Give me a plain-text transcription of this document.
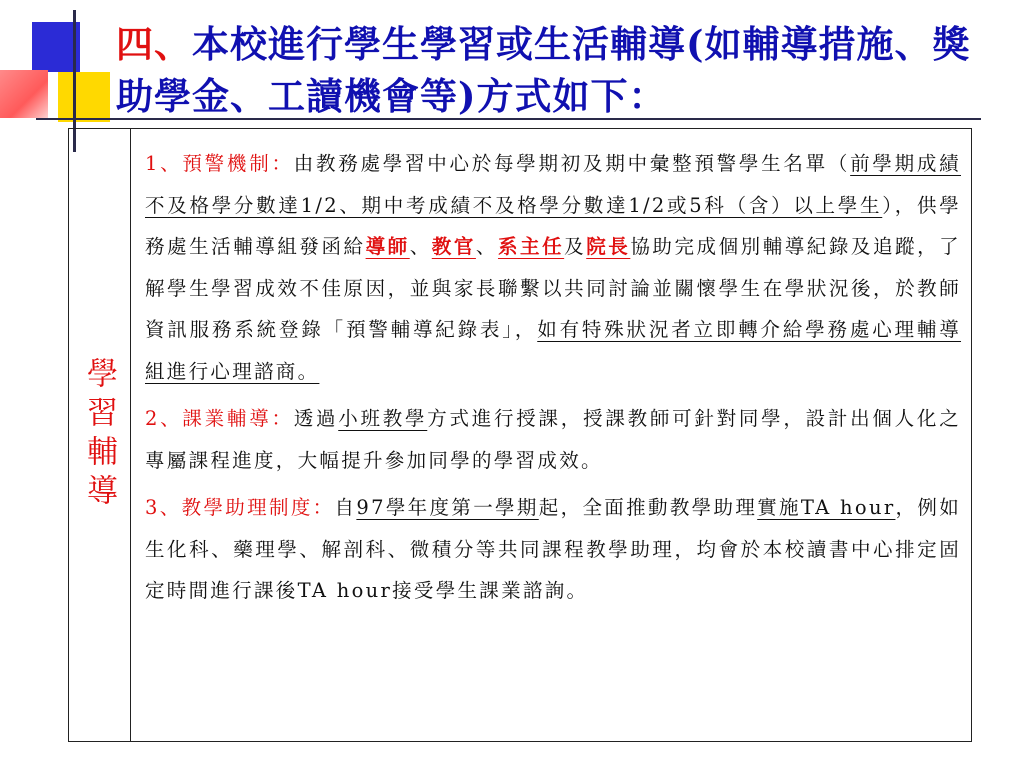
四、本校進行學生學習或生活輔導(如輔導措施、獎助學金、工讀機會等)方式如下：
學習輔導

1、預警機制：由教務處學習中心於每學期初及期中彙整預警學生名單（前學期成績不及格學分數達1/2、期中考成績不及格學分數達1/2或5科（含）以上學生），供學務處生活輔導組發函給導師、教官、系主任及院長協助完成個別輔導紀錄及追蹤，了解學生學習成效不佳原因，並與家長聯繫以共同討論並關懷學生在學狀況後，於教師資訊服務系統登錄「預警輔導紀錄表」，如有特殊狀況者立即轉介給學務處心理輔導組進行心理諮商。

2、課業輔導：透過小班教學方式進行授課，授課教師可針對同學，設計出個人化之專屬課程進度，大幅提升參加同學的學習成效。

3、教學助理制度：自97學年度第一學期起，全面推動教學助理實施TA hour，例如生化科、藥理學、解剖科、微積分等共同課程教學助理，均會於本校讀書中心排定固定時間進行課後TA hour接受學生課業諮詢。
